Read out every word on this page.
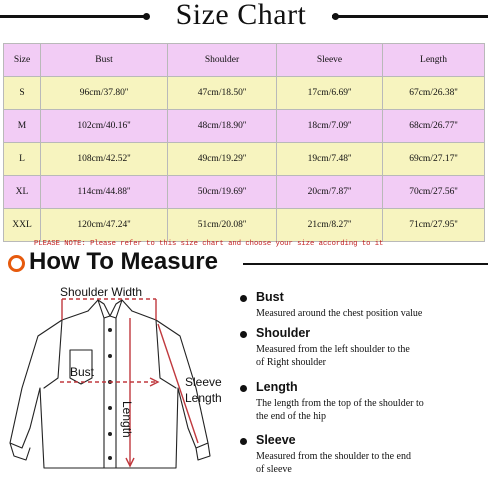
Size Chart
Size	Bust	Shoulder	Sleeve	Length
S	96cm/37.80''	47cm/18.50''	17cm/6.69''	67cm/26.38''
M	102cm/40.16''	48cm/18.90''	18cm/7.09''	68cm/26.77''
L	108cm/42.52''	49cm/19.29''	19cm/7.48''	69cm/27.17''
XL	114cm/44.88''	50cm/19.69''	20cm/7.87''	70cm/27.56''
XXL	120cm/47.24''	51cm/20.08''	21cm/8.27''	71cm/27.95''
PLEASE NOTE: Please refer to this size chart and choose your size according to it
How To Measure
Shoulder Width
Bust
Length
Sleeve
Length
Bust
Measured around the chest position value
Shoulder
Measured from the left shoulder to the
of Right shoulder
Length
The length from the top of the shoulder to
the end of the hip
Sleeve
Measured from the shoulder to the end
of sleeve
